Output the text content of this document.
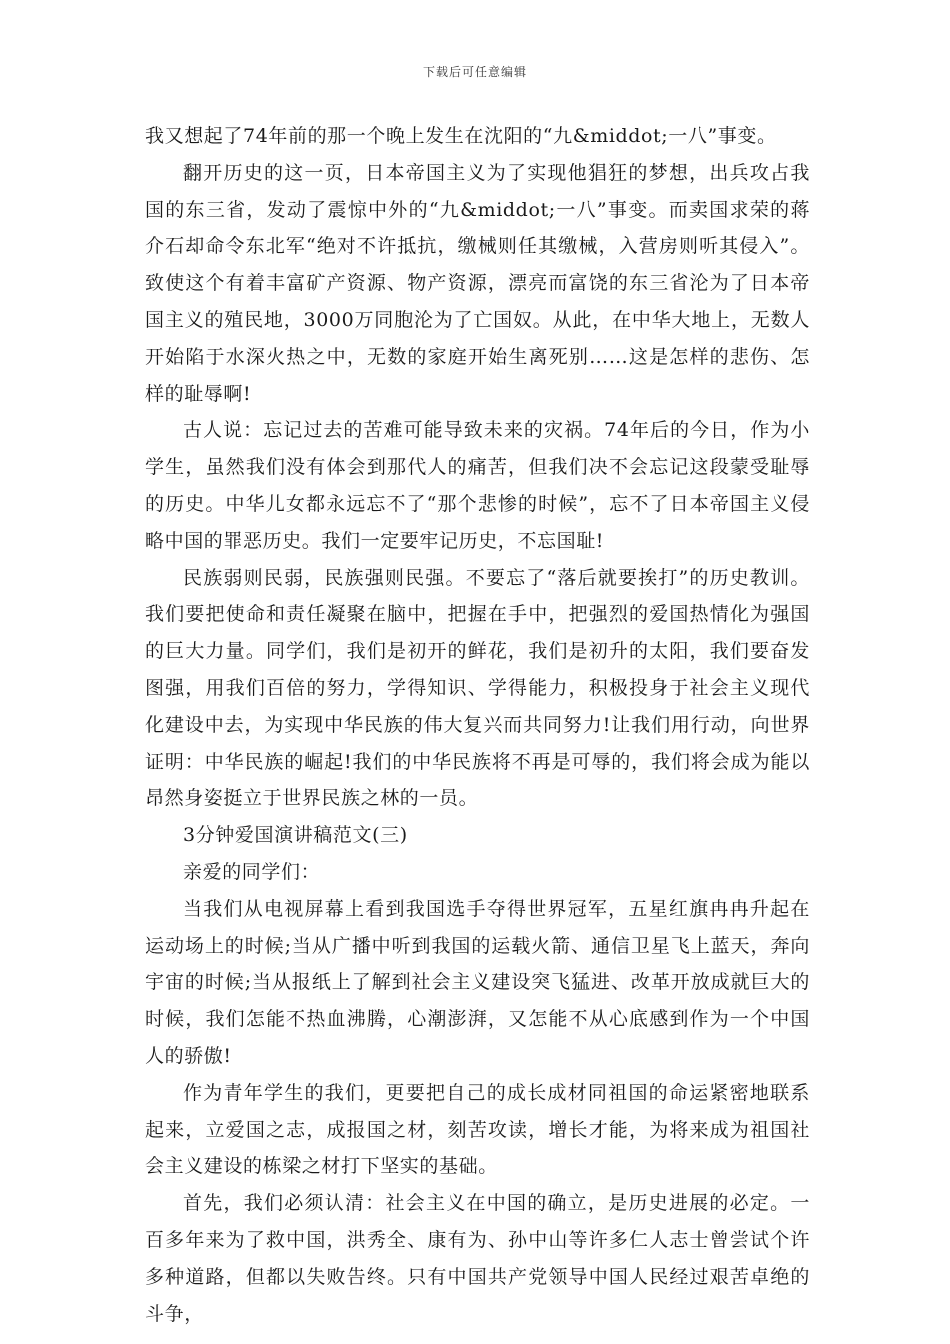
下载后可任意编辑

我又想起了74年前的那一个晚上发生在沈阳的“九&middot;一八”事变。

翻开历史的这一页，日本帝国主义为了实现他猖狂的梦想，出兵攻占我国的东三省，发动了震惊中外的“九&middot;一八”事变。而卖国求荣的蒋介石却命令东北军“绝对不许抵抗，缴械则任其缴械，入营房则听其侵入”。致使这个有着丰富矿产资源、物产资源，漂亮而富饶的东三省沦为了日本帝国主义的殖民地，3000万同胞沦为了亡国奴。从此，在中华大地上，无数人开始陷于水深火热之中，无数的家庭开始生离死别……这是怎样的悲伤、怎样的耻辱啊!

古人说：忘记过去的苦难可能导致未来的灾祸。74年后的今日，作为小学生，虽然我们没有体会到那代人的痛苦，但我们决不会忘记这段蒙受耻辱的历史。中华儿女都永远忘不了“那个悲惨的时候”，忘不了日本帝国主义侵略中国的罪恶历史。我们一定要牢记历史，不忘国耻!

民族弱则民弱，民族强则民强。不要忘了“落后就要挨打”的历史教训。我们要把使命和责任凝聚在脑中，把握在手中，把强烈的爱国热情化为强国的巨大力量。同学们，我们是初开的鲜花，我们是初升的太阳，我们要奋发图强，用我们百倍的努力，学得知识、学得能力，积极投身于社会主义现代化建设中去，为实现中华民族的伟大复兴而共同努力!让我们用行动，向世界证明：中华民族的崛起!我们的中华民族将不再是可辱的，我们将会成为能以昂然身姿挺立于世界民族之林的一员。

3分钟爱国演讲稿范文(三)

亲爱的同学们：

当我们从电视屏幕上看到我国选手夺得世界冠军，五星红旗冉冉升起在运动场上的时候;当从广播中听到我国的运载火箭、通信卫星飞上蓝天，奔向宇宙的时候;当从报纸上了解到社会主义建设突飞猛进、改革开放成就巨大的时候，我们怎能不热血沸腾，心潮澎湃，又怎能不从心底感到作为一个中国人的骄傲!

作为青年学生的我们，更要把自己的成长成材同祖国的命运紧密地联系起来，立爱国之志，成报国之材，刻苦攻读，增长才能，为将来成为祖国社会主义建设的栋梁之材打下坚实的基础。

首先，我们必须认清：社会主义在中国的确立，是历史进展的必定。一百多年来为了救中国，洪秀全、康有为、孙中山等许多仁人志士曾尝试个许多种道路，但都以失败告终。只有中国共产党领导中国人民经过艰苦卓绝的斗争，
